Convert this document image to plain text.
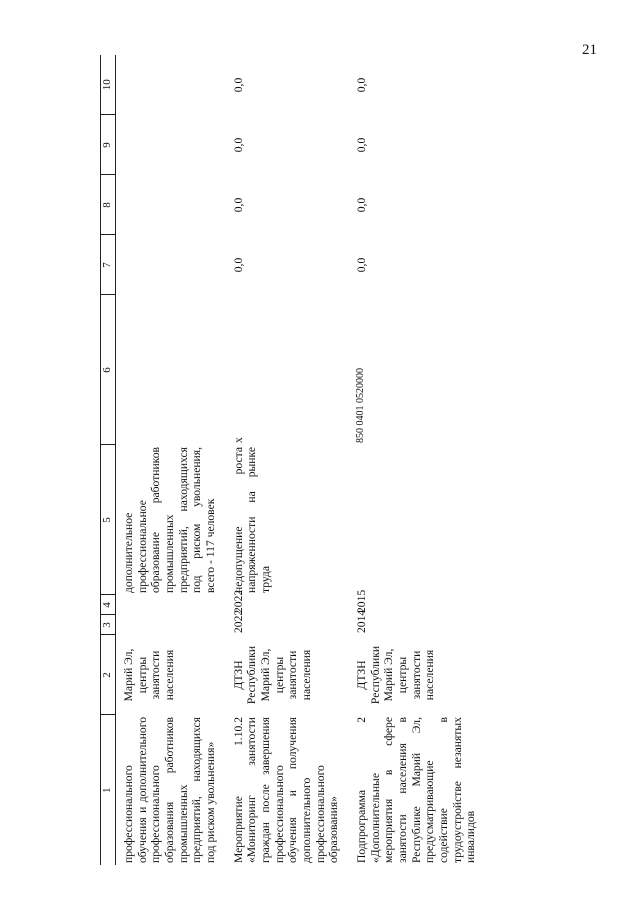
21
1	2	3	4	5	6	7	8	9	10
профессионального обучения и дополнительного профессионального образования работников промышленных предприятий, находящихся под риском увольнения»	Марий Эл, центры занятости населения			дополнительное профессиональное образование работников промышленных предприятий, находящихся под риском увольнения, всего - 117 человек					
Мероприятие 1.10.2 «Мониторинг занятости граждан после завершения профессионального обучения и получения дополнительного профессионального образования»	ДТЗН Республики Марий Эл, центры занятости населения	2022	2022	недопущение роста напряженности на рынке труда	x	0,0	0,0	0,0	0,0
Подпрограмма 2 «Дополнительные мероприятия в сфере занятости населения в Республике Марий Эл, предусматривающие содействие в трудоустройстве незанятых инвалидов	ДТЗН Республики Марий Эл, центры занятости населения	2014	2015		850 0401 0520000	0,0	0,0	0,0	0,0
